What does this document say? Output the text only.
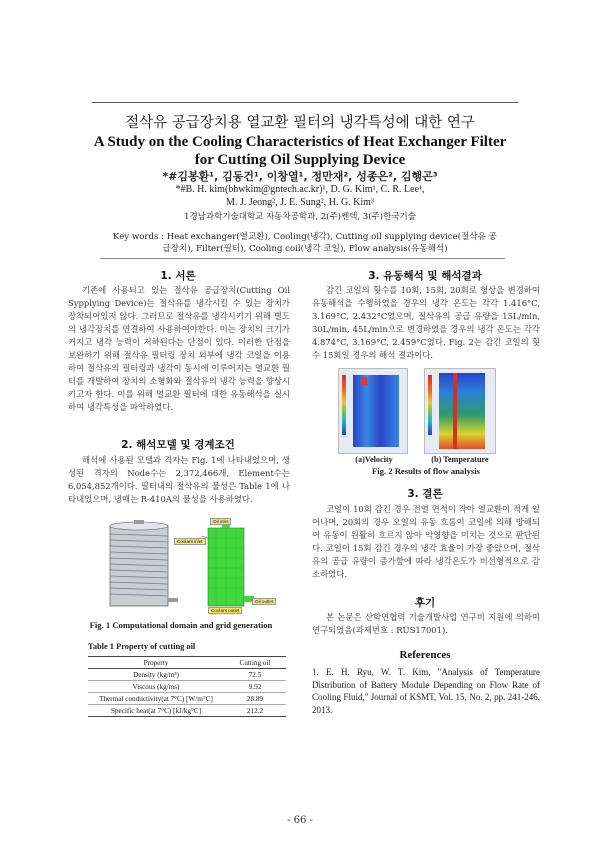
절삭유 공급장치용 열교환 필터의 냉각특성에 대한 연구
A Study on the Cooling Characteristics of Heat Exchanger Filter
for Cutting Oil Supplying Device
*#김봉환¹, 김동건¹, 이창열¹, 정만재², 성종은², 김행곤³
*#B. H. kim(bhwkim@gntech.ac.kr)¹, D. G. Kim¹, C. R. Lee¹,
M. J. Jeong², J. E. Sung², H. G. Kim³
1경남과학기술대학교 자동차공학과, 2(주)쎈텍, 3(주)한국기술
Key words : Heat exchanger(열교환), Cooling(냉각), Cutting oil supplying device(절삭유 공급장치), Filter(필터), Cooling coil(냉각 코일), Flow analysis(유동해석)
1. 서론
기존에 사용되고 있는 절삭유 공급장치(Cutting Oil Sypplying Device)는 절삭유를 냉각시킬 수 있는 장치가 장착되어있지 않다. 그러므로 절삭유를 냉각시키기 위해 별도의 냉각장치를 연결하여 사용하여야한다. 이는 장치의 크기가 커지고 냉각 능력이 저하된다는 단점이 있다. 이러한 단점을 보완하기 위해 절삭유 필터링 장치 외부에 냉각 코일을 이용하여 절삭유의 필터링과 냉각이 동시에 이루어지는 열교환 필터를 개발하여 장치의 소형화와 절삭유의 냉각 능력을 향상시키고자 한다. 이를 위해 열교환 필터에 대한 유동해석을 실시하여 냉각특성을 파악하였다.
2. 해석모델 및 경계조건
해석에 사용된 모델과 격자는 Fig. 1에 나타내었으며, 생성된 격자의 Node수는 2,372,466개, Element수는 6,054,852개이다. 필터내의 절삭유의 물성은 Table 1에 나타내었으며, 냉매는 R-410A의 물성을 사용하였다.
Coolant inlet
Oil inlet
Oil outlet
Coolant outlet
Fig. 1 Computational domain and grid generation
Table 1 Property of cutting oil
Property	Cutting oil
Density (kg/m³)	72.5
Viscous (kg/ms)	9.92
Thermal conductivity(at 7°C) [W/m°C]	28.89
Specific heat(at 7°C) [kJ/kg°C]	212.2
3. 유동해석 및 해석결과
감긴 코일의 횟수를 10회, 15회, 20회로 형상을 변경하여 유동해석을 수행하였을 경우의 냉각 온도는 각각 1.416°C, 3.169°C, 2.432°C였으며, 절삭유의 공급 유량을 15L/min, 30L/min, 45L/min으로 변경하였을 경우의 냉각 온도는 각각 4.874°C, 3.169°C, 2.459°C였다. Fig. 2는 감긴 코일의 횟수 15회일 경우의 해석 결과이다.
(a)Velocity	(b) Temperature
Fig. 2 Results of flow analysis
3. 결론
코일이 10회 감긴 경우 전열 면적이 작아 열교환이 적게 일어나며, 20회의 경우 오일의 유동 흐름이 코일에 의해 방해되어 유동이 원활히 흐르지 않아 악영향을 미치는 것으로 판단된다. 코일이 15회 감긴 경우의 냉각 효율이 가장 좋았으며, 절삭유의 공급 유량이 증가함에 따라 냉각온도가 비선형적으로 감소하였다.
후기
본 논문은 산학연협력 기술개발사업 연구비 지원에 의하여 연구되었음(과제번호 : RUS17001).
References
1. E. H. Ryu, W. T. Kim, "Analysis of Temperature Distribution of Battery Module Depending on Flow Rate of Cooling Fluid," Journal of KSMT, Vol. 15, No. 2, pp. 241-246, 2013.
- 66 -
